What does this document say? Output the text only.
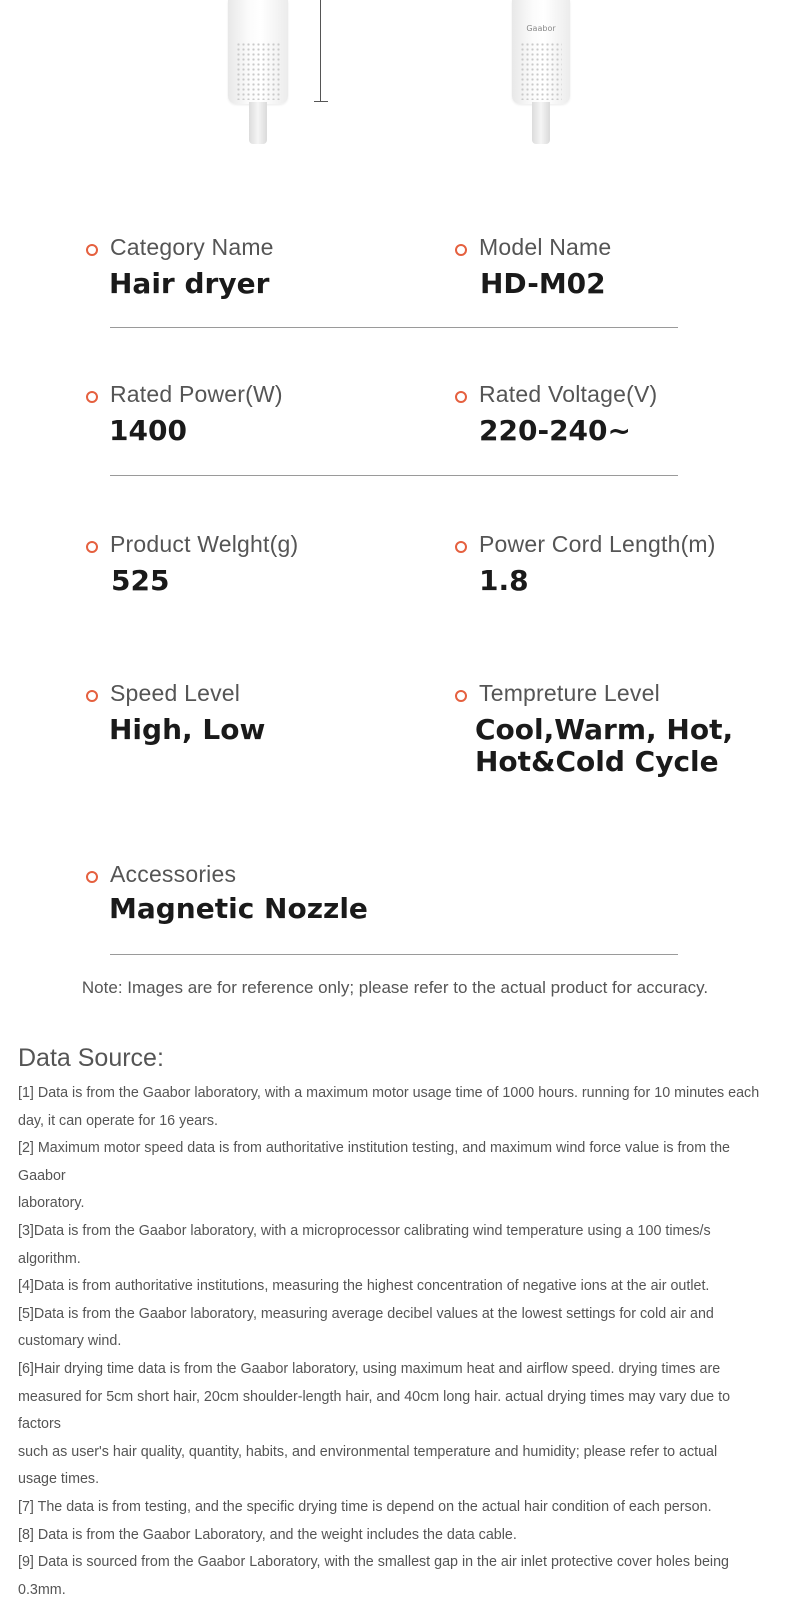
Gaabor
Category Name
Hair dryer
Model Name
HD-M02
Rated Power(W)
1400
Rated Voltage(V)
220-240~
Product Welght(g)
525
Power Cord Length(m)
1.8
Speed Level
High, Low
Tempreture Level
Cool,Warm, Hot,
Hot&Cold Cycle
Accessories
Magnetic Nozzle
Note: Images are for reference only; please refer to the actual product for accuracy.
Data Source:

[1] Data is from the Gaabor laboratory, with a maximum motor usage time of 1000 hours. running for 10 minutes each

day, it can operate for 16 years.

[2] Maximum motor speed data is from authoritative institution testing, and maximum wind force value is from the Gaabor

laboratory.

[3]Data is from the Gaabor laboratory, with a microprocessor calibrating wind temperature using a 100 times/s algorithm.

[4]Data is from authoritative institutions, measuring the highest concentration of negative ions at the air outlet.

[5]Data is from the Gaabor laboratory, measuring average decibel values at the lowest settings for cold air and

customary wind.

[6]Hair drying time data is from the Gaabor laboratory, using maximum heat and airflow speed. drying times are

measured for 5cm short hair, 20cm shoulder-length hair, and 40cm long hair. actual drying times may vary due to factors

such as user's hair quality, quantity, habits, and environmental temperature and humidity; please refer to actual

usage times.

[7] The data is from testing, and the specific drying time is depend on the actual hair condition of each person.

[8] Data is from the Gaabor Laboratory, and the weight includes the data cable.

[9] Data is sourced from the Gaabor Laboratory, with the smallest gap in the air inlet protective cover holes being 0.3mm.
